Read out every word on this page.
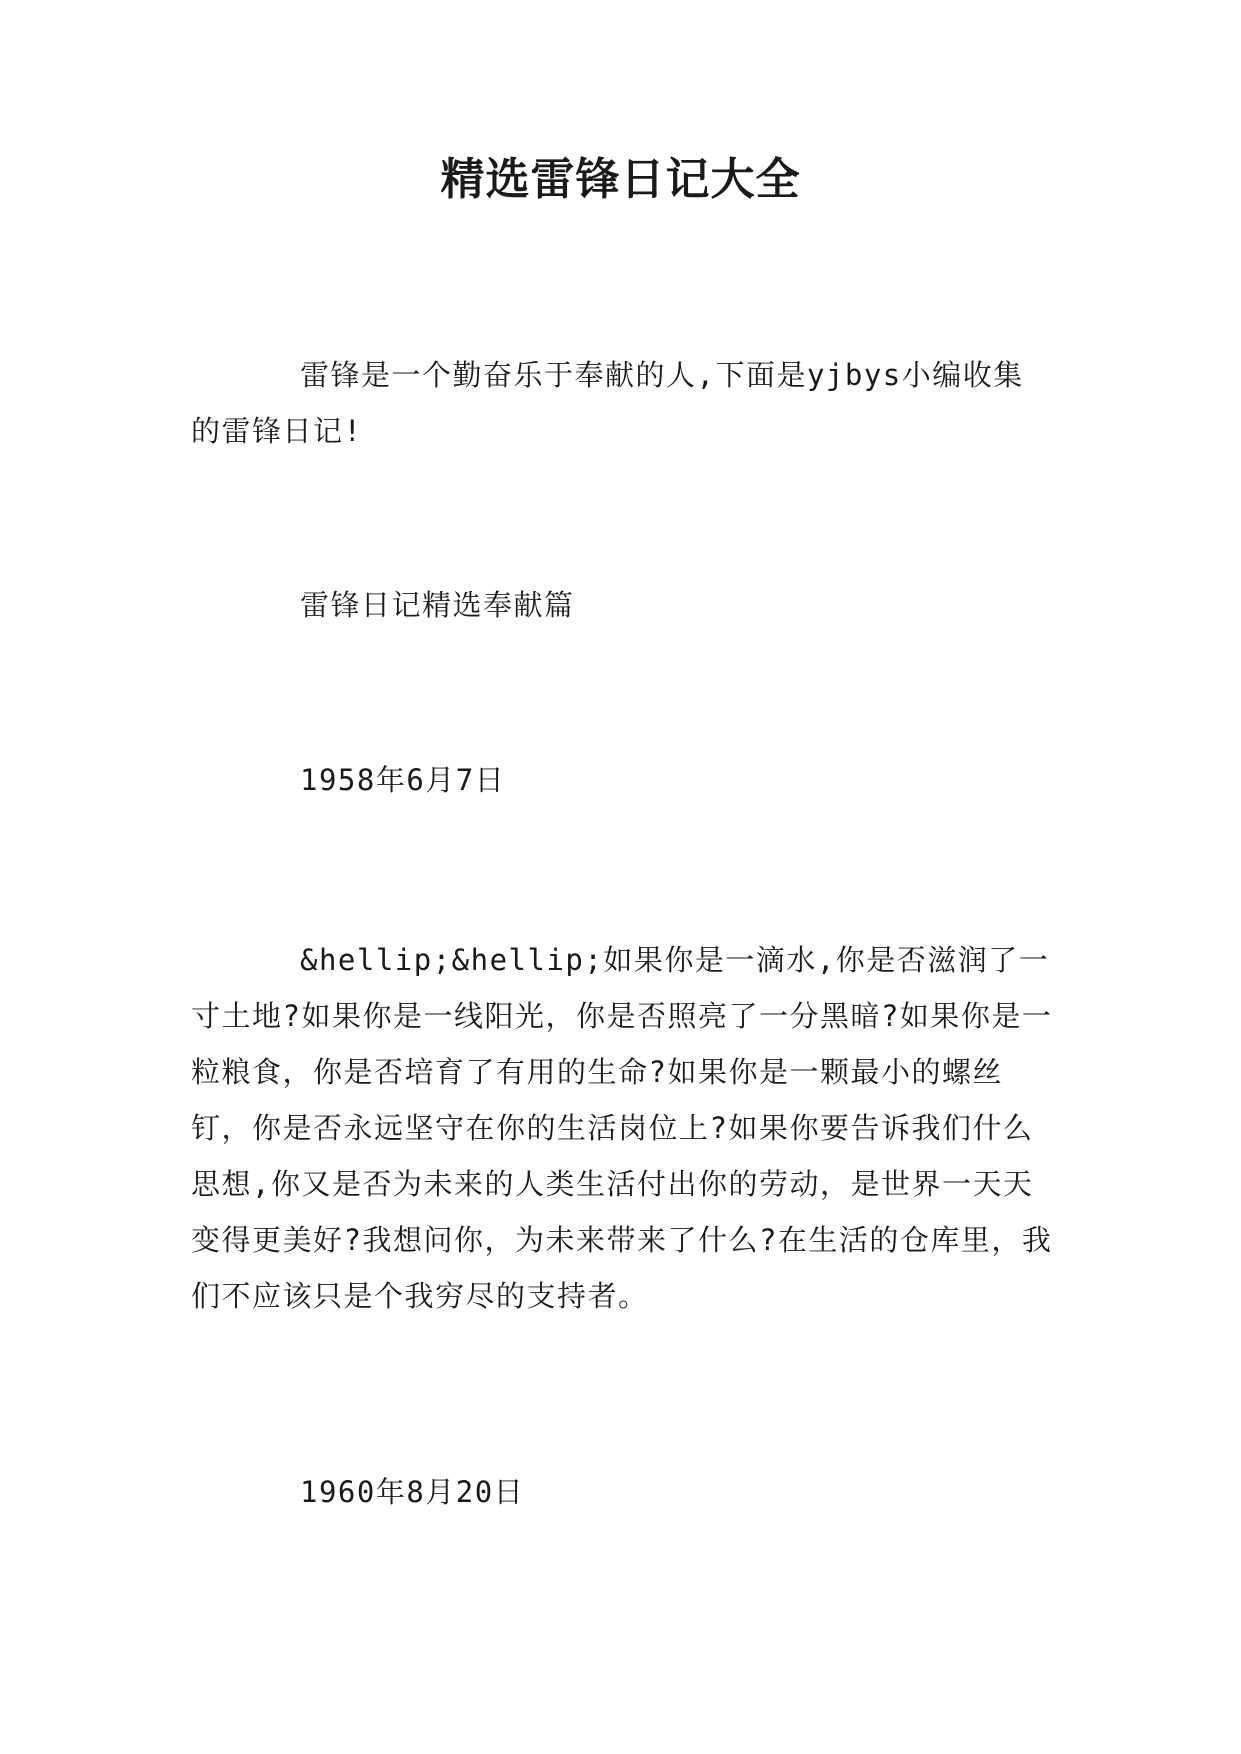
精选雷锋日记大全

雷锋是一个勤奋乐于奉献的人,下面是yjbys小编收集的雷锋日记!

雷锋日记精选奉献篇

1958年6月7日

&hellip;&hellip;如果你是一滴水,你是否滋润了一寸土地?如果你是一线阳光，你是否照亮了一分黑暗?如果你是一粒粮食，你是否培育了有用的生命?如果你是一颗最小的螺丝钉，你是否永远坚守在你的生活岗位上?如果你要告诉我们什么思想,你又是否为未来的人类生活付出你的劳动，是世界一天天变得更美好?我想问你，为未来带来了什么?在生活的仓库里，我们不应该只是个我穷尽的支持者。

1960年8月20日
